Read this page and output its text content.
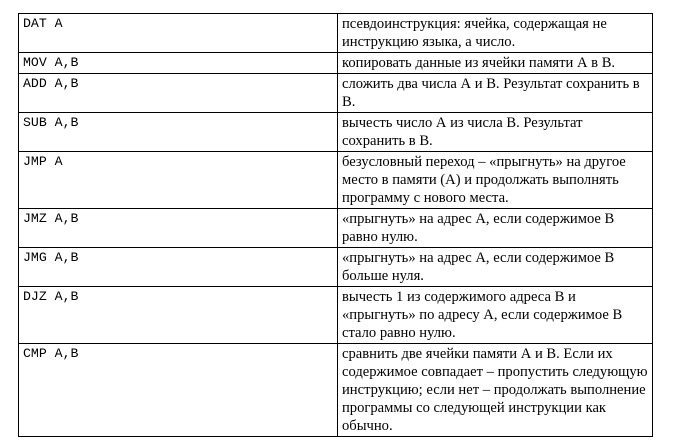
DAT A	псевдоинструкция: ячейка, содержащая не инструкцию языка, а число.
MOV A,B	копировать данные из ячейки памяти А в В.
ADD A,B	сложить два числа А и В. Результат сохранить в В.
SUB A,B	вычесть число А из числа В. Результат сохранить в В.
JMP A	безусловный переход – «прыгнуть» на другое место в памяти (А) и продолжать выполнять программу с нового места.
JMZ A,B	«прыгнуть» на адрес А, если содержимое В равно нулю.
JMG A,B	«прыгнуть» на адрес А, если содержимое В больше нуля.
DJZ A,B	вычесть 1 из содержимого адреса В и «прыгнуть» по адресу А, если содержимое В стало равно нулю.
CMP A,B	сравнить две ячейки памяти А и В. Если их содержимое совпадает – пропустить следующую инструкцию; если нет – продолжать выполнение программы со следующей инструкции как обычно.
